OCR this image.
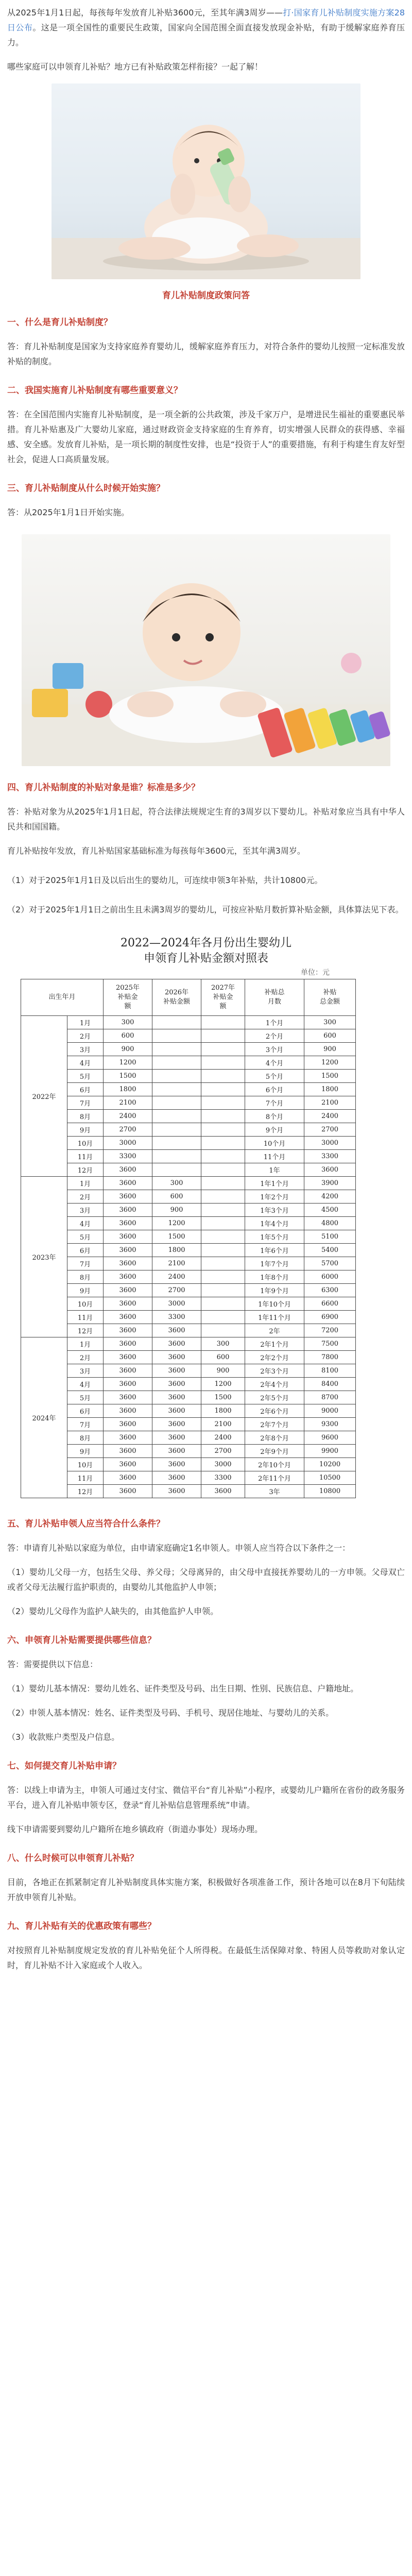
从2025年1月1日起，每孩每年发放育儿补贴3600元，至其年满3周岁——打·国家育儿补贴制度实施方案28日公布。这是一项全国性的重要民生政策，国家向全国范围全面直接发放现金补贴，有助于缓解家庭养育压力。

哪些家庭可以申领育儿补贴？地方已有补贴政策怎样衔接？一起了解！

育儿补贴制度政策问答

一、什么是育儿补贴制度？

答：育儿补贴制度是国家为支持家庭养育婴幼儿，缓解家庭养育压力，对符合条件的婴幼儿按照一定标准发放补贴的制度。

二、我国实施育儿补贴制度有哪些重要意义？

答：在全国范围内实施育儿补贴制度，是一项全新的公共政策，涉及千家万户，是增进民生福祉的重要惠民举措。育儿补贴惠及广大婴幼儿家庭，通过财政资金支持家庭的生育养育，切实增强人民群众的获得感、幸福感、安全感。发放育儿补贴，是一项长期的制度性安排，也是“投资于人”的重要措施，有利于构建生育友好型社会，促进人口高质量发展。

三、育儿补贴制度从什么时候开始实施？

答：从2025年1月1日开始实施。

四、育儿补贴制度的补贴对象是谁？标准是多少？

答：补贴对象为从2025年1月1日起，符合法律法规规定生育的3周岁以下婴幼儿。补贴对象应当具有中华人民共和国国籍。

育儿补贴按年发放，育儿补贴国家基础标准为每孩每年3600元，至其年满3周岁。

（1）对于2025年1月1日及以后出生的婴幼儿，可连续申领3年补贴，共计10800元。

（2）对于2025年1月1日之前出生且未满3周岁的婴幼儿，可按应补贴月数折算补贴金额，具体算法见下表。

2022—2024年各月份出生婴幼儿
申领育儿补贴金额对照表
单位：元
出生年月		2025年
补贴金
额	2026年
补贴金额	2027年
补贴金
额	补贴总
月数	补贴
总金额	
2022年	1月	300			1个月	300	
	2月	600			2个月	600	
	3月	900			3个月	900	
	4月	1200			4个月	1200	
	5月	1500			5个月	1500	
	6月	1800			6个月	1800	
	7月	2100			7个月	2100	
	8月	2400			8个月	2400	
	9月	2700			9个月	2700	
	10月	3000			10个月	3000	
	11月	3300			11个月	3300	
	12月	3600			1年	3600	
2023年	1月	3600	300		1年1个月	3900	
	2月	3600	600		1年2个月	4200	
	3月	3600	900		1年3个月	4500	
	4月	3600	1200		1年4个月	4800	
	5月	3600	1500		1年5个月	5100	
	6月	3600	1800		1年6个月	5400	
	7月	3600	2100		1年7个月	5700	
	8月	3600	2400		1年8个月	6000	
	9月	3600	2700		1年9个月	6300	
	10月	3600	3000		1年10个月	6600	
	11月	3600	3300		1年11个月	6900	
	12月	3600	3600		2年	7200	
2024年	1月	3600	3600	300	2年1个月	7500	
	2月	3600	3600	600	2年2个月	7800	
	3月	3600	3600	900	2年3个月	8100	
	4月	3600	3600	1200	2年4个月	8400	
	5月	3600	3600	1500	2年5个月	8700	
	6月	3600	3600	1800	2年6个月	9000	
	7月	3600	3600	2100	2年7个月	9300	
	8月	3600	3600	2400	2年8个月	9600	
	9月	3600	3600	2700	2年9个月	9900	
	10月	3600	3600	3000	2年10个月	10200	
	11月	3600	3600	3300	2年11个月	10500	
	12月	3600	3600	3600	3年	10800	

五、育儿补贴申领人应当符合什么条件？

答：申请育儿补贴以家庭为单位，由申请家庭确定1名申领人。申领人应当符合以下条件之一：

（1）婴幼儿父母一方，包括生父母、养父母；父母离异的，由父母中直接抚养婴幼儿的一方申领。父母双亡或者父母无法履行监护职责的，由婴幼儿其他监护人申领；

（2）婴幼儿父母作为监护人缺失的，由其他监护人申领。

六、申领育儿补贴需要提供哪些信息？

答：需要提供以下信息：

（1）婴幼儿基本情况：婴幼儿姓名、证件类型及号码、出生日期、性别、民族信息、户籍地址。

（2）申领人基本情况：姓名、证件类型及号码、手机号、现居住地址、与婴幼儿的关系。

（3）收款账户类型及户信息。

七、如何提交育儿补贴申请？

答：以线上申请为主，申领人可通过支付宝、微信平台“育儿补贴”小程序，或婴幼儿户籍所在省份的政务服务平台，进入育儿补贴申领专区，登录“育儿补贴信息管理系统”申请。

线下申请需要到婴幼儿户籍所在地乡镇政府（街道办事处）现场办理。

八、什么时候可以申领育儿补贴？

目前，各地正在抓紧制定育儿补贴制度具体实施方案，积极做好各项准备工作，预计各地可以在8月下旬陆续开放申领育儿补贴。

九、育儿补贴有关的优惠政策有哪些？

对按照育儿补贴制度规定发放的育儿补贴免征个人所得税。在最低生活保障对象、特困人员等救助对象认定时，育儿补贴不计入家庭或个人收入。
